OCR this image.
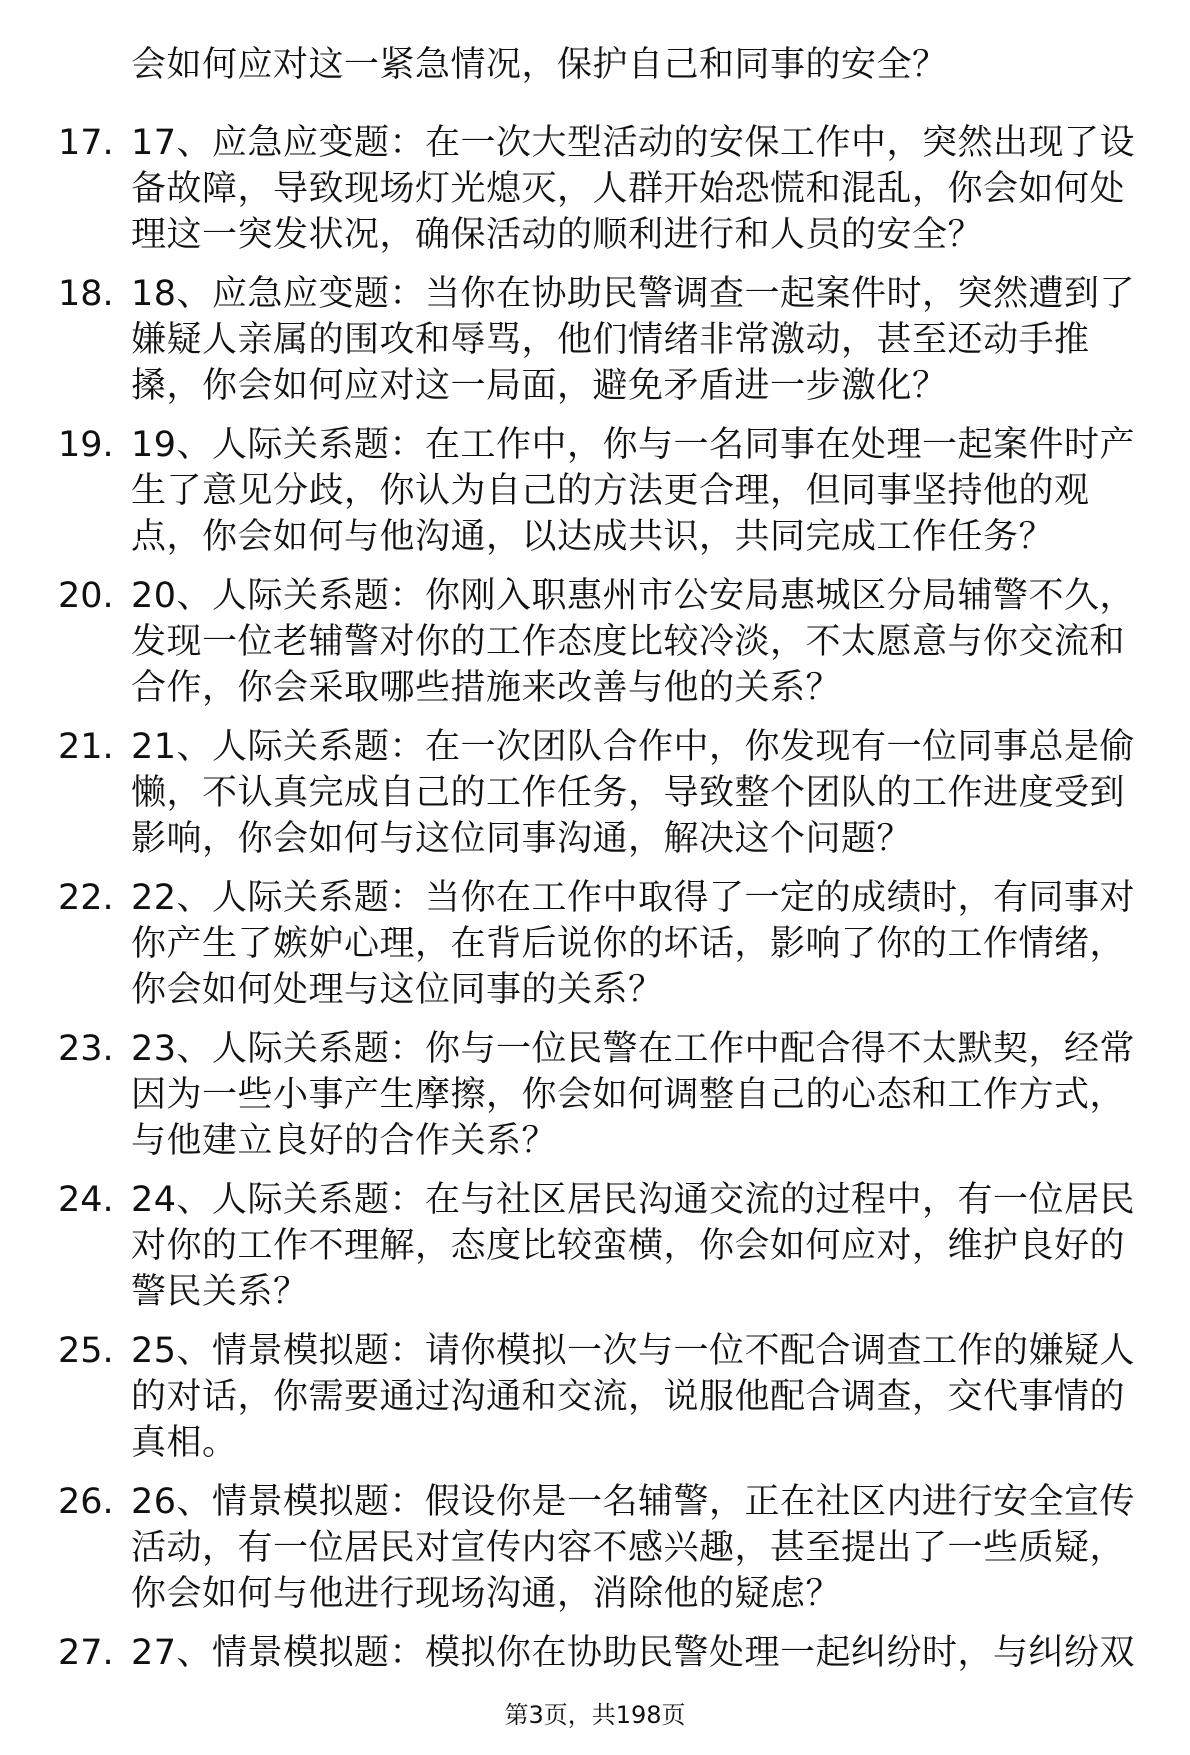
会如何应对这一紧急情况，保护自己和同事的安全？
17. 17、应急应变题：在一次大型活动的安保工作中，突然出现了设
备故障，导致现场灯光熄灭，人群开始恐慌和混乱，你会如何处
理这一突发状况，确保活动的顺利进行和人员的安全？
18. 18、应急应变题：当你在协助民警调查一起案件时，突然遭到了
嫌疑人亲属的围攻和辱骂，他们情绪非常激动，甚至还动手推
搡，你会如何应对这一局面，避免矛盾进一步激化？
19. 19、人际关系题：在工作中，你与一名同事在处理一起案件时产
生了意见分歧，你认为自己的方法更合理，但同事坚持他的观
点，你会如何与他沟通，以达成共识，共同完成工作任务？
20. 20、人际关系题：你刚入职惠州市公安局惠城区分局辅警不久，
发现一位老辅警对你的工作态度比较冷淡，不太愿意与你交流和
合作，你会采取哪些措施来改善与他的关系？
21. 21、人际关系题：在一次团队合作中，你发现有一位同事总是偷
懒，不认真完成自己的工作任务，导致整个团队的工作进度受到
影响，你会如何与这位同事沟通，解决这个问题？
22. 22、人际关系题：当你在工作中取得了一定的成绩时，有同事对
你产生了嫉妒心理，在背后说你的坏话，影响了你的工作情绪，
你会如何处理与这位同事的关系？
23. 23、人际关系题：你与一位民警在工作中配合得不太默契，经常
因为一些小事产生摩擦，你会如何调整自己的心态和工作方式，
与他建立良好的合作关系？
24. 24、人际关系题：在与社区居民沟通交流的过程中，有一位居民
对你的工作不理解，态度比较蛮横，你会如何应对，维护良好的
警民关系？
25. 25、情景模拟题：请你模拟一次与一位不配合调查工作的嫌疑人
的对话，你需要通过沟通和交流，说服他配合调查，交代事情的
真相。
26. 26、情景模拟题：假设你是一名辅警，正在社区内进行安全宣传
活动，有一位居民对宣传内容不感兴趣，甚至提出了一些质疑，
你会如何与他进行现场沟通，消除他的疑虑？
27. 27、情景模拟题：模拟你在协助民警处理一起纠纷时，与纠纷双
第3页，共198页
